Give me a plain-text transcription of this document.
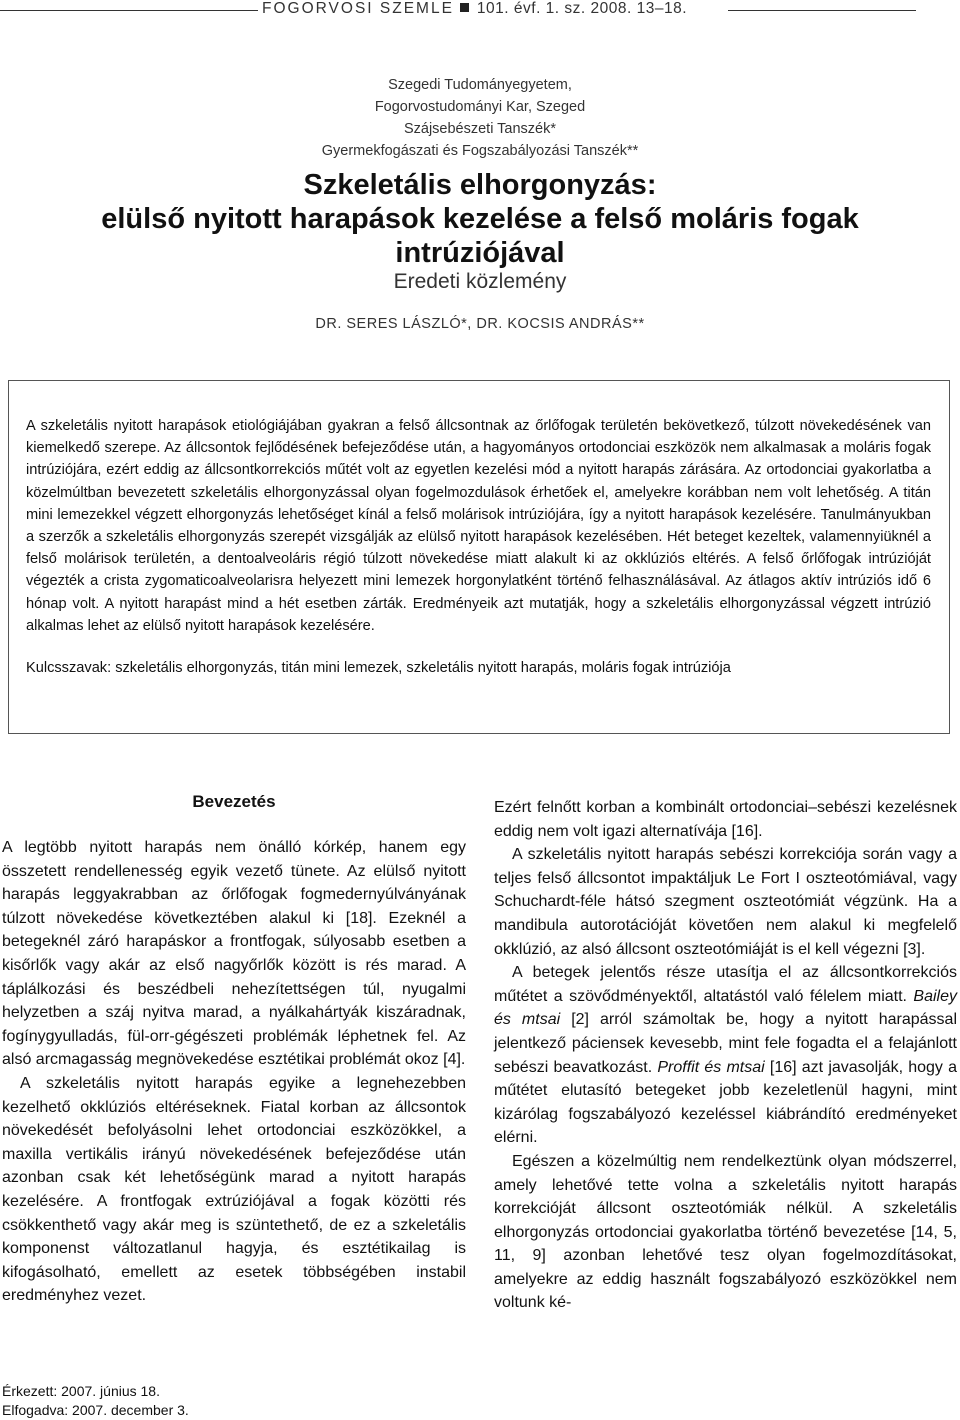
FOGORVOSI SZEMLE 101. évf. 1. sz. 2008. 13–18.
Szegedi Tudományegyetem,
Fogorvostudományi Kar, Szeged
Szájsebészeti Tanszék*
Gyermekfogászati és Fogszabályozási Tanszék**
Szkeletális elhorgonyzás:
elülső nyitott harapások kezelése a felső moláris fogak
intrúziójával
Eredeti közlemény
DR. SERES LÁSZLÓ*, DR. KOCSIS ANDRÁS**

A szkeletális nyitott harapások etiológiájában gyakran a felső állcsontnak az őrlőfogak területén bekövetkező, túlzott növekedésének van kiemelkedő szerepe. Az állcsontok fejlődésének befejeződése után, a hagyományos ortodonciai eszközök nem alkalmasak a moláris fogak intrúziójára, ezért eddig az állcsontkorrekciós műtét volt az egyetlen kezelési mód a nyitott harapás zárására. Az ortodonciai gyakorlatba a közelmúltban bevezetett szkeletális elhorgonyzással olyan fogelmozdulások érhetőek el, amelyekre korábban nem volt lehetőség. A titán mini lemezekkel végzett elhorgonyzás lehetőséget kínál a felső molárisok intrúziójára, így a nyitott harapások kezelésére. Tanulmányukban a szerzők a szkeletális elhorgonyzás szerepét vizsgálják az elülső nyitott harapások kezelésében. Hét beteget kezeltek, valamennyiüknél a felső molárisok területén, a dentoalveoláris régió túlzott növekedése miatt alakult ki az okklúziós eltérés. A felső őrlőfogak intrúzióját végezték a crista zygomaticoalveolarisra helyezett mini lemezek horgonylatként történő felhasználásával. Az átlagos aktív intrúziós idő 6 hónap volt. A nyitott harapást mind a hét esetben zárták. Eredményeik azt mutatják, hogy a szkeletális elhorgonyzással végzett intrúzió alkalmas lehet az elülső nyitott harapások kezelésére.

Kulcsszavak: szkeletális elhorgonyzás, titán mini lemezek, szkeletális nyitott harapás, moláris fogak intrúziója

Bevezetés

A legtöbb nyitott harapás nem önálló kórkép, hanem egy összetett rendellenesség egyik vezető tünete. Az elülső nyitott harapás leggyakrabban az őrlőfogak fogmedernyúlványának túlzott növekedése következtében alakul ki [18]. Ezeknél a betegeknél záró harapáskor a frontfogak, súlyosabb esetben a kisőrlők vagy akár az első nagyőrlők között is rés marad. A táplálkozási és beszédbeli nehezítettségen túl, nyugalmi helyzetben a száj nyitva marad, a nyálkahártyák kiszáradnak, fogínygyulladás, fül-orr-gégészeti problémák léphetnek fel. Az alsó arcmagasság megnövekedése esztétikai problémát okoz [4].

A szkeletális nyitott harapás egyike a legnehezebben kezelhető okklúziós eltéréseknek. Fiatal korban az állcsontok növekedését befolyásolni lehet ortodonciai eszközökkel, a maxilla vertikális irányú növekedésének befejeződése után azonban csak két lehetőségünk marad a nyitott harapás kezelésére. A frontfogak extrúziójával a fogak közötti rés csökkenthető vagy akár meg is szüntethető, de ez a szkeletális komponenst változatlanul hagyja, és esztétikailag is kifogásolható, emellett az esetek többségében instabil eredményhez vezet.

Ezért felnőtt korban a kombinált ortodonciai–sebészi kezelésnek eddig nem volt igazi alternatívája [16].

A szkeletális nyitott harapás sebészi korrekciója során vagy a teljes felső állcsontot impaktáljuk Le Fort I oszteotómiával, vagy Schuchardt-féle hátsó szegment oszteotómiát végzünk. Ha a mandibula autorotációját követően nem alakul ki megfelelő okklúzió, az alsó állcsont oszteotómiáját is el kell végezni [3].

A betegek jelentős része utasítja el az állcsontkorrekciós műtétet a szövődményektől, altatástól való félelem miatt. Bailey és mtsai [2] arról számoltak be, hogy a nyitott harapással jelentkező páciensek kevesebb, mint fele fogadta el a felajánlott sebészi beavatkozást. Proffit és mtsai [16] azt javasolják, hogy a műtétet elutasító betegeket jobb kezeletlenül hagyni, mint kizárólag fogszabályozó kezeléssel kiábrándító eredményeket elérni.

Egészen a közelmúltig nem rendelkeztünk olyan módszerrel, amely lehetővé tette volna a szkeletális nyitott harapás korrekcióját állcsont oszteotómiák nélkül. A szkeletális elhorgonyzás ortodonciai gyakorlatba történő bevezetése [14, 5, 11, 9] azonban lehetővé tesz olyan fogelmozdításokat, amelyekre az eddig használt fogszabályozó eszközökkel nem voltunk ké-

Érkezett: 2007. június 18.
Elfogadva: 2007. december 3.
